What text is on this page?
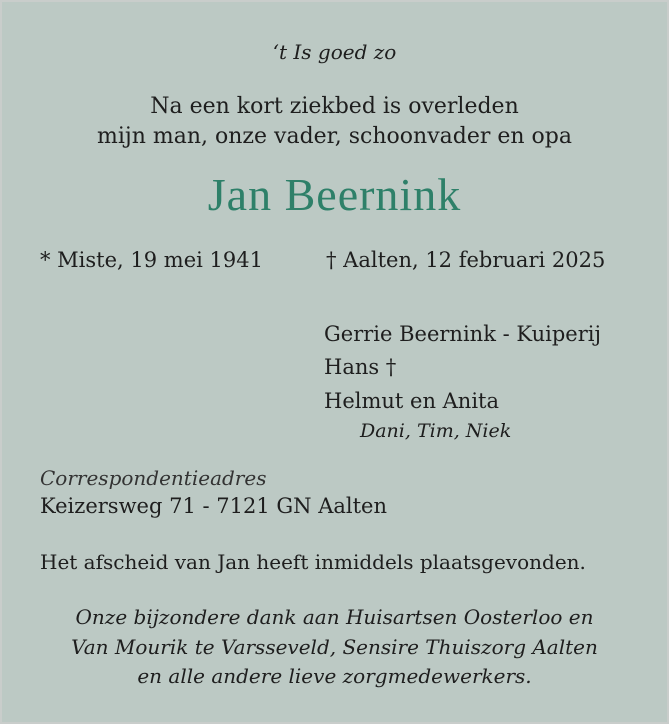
‘t Is goed zo
Na een kort ziekbed is overleden
mijn man, onze vader, schoonvader en opa
Jan Beernink
* Miste, 19 mei 1941	† Aalten, 12 februari 2025
Gerrie Beernink - Kuiperij
Hans †
Helmut en Anita
Dani, Tim, Niek
Correspondentieadres
Keizersweg 71 - 7121 GN Aalten
Het afscheid van Jan heeft inmiddels plaatsgevonden.
Onze bijzondere dank aan Huisartsen Oosterloo en
Van Mourik te Varsseveld, Sensire Thuiszorg Aalten
en alle andere lieve zorgmedewerkers.
